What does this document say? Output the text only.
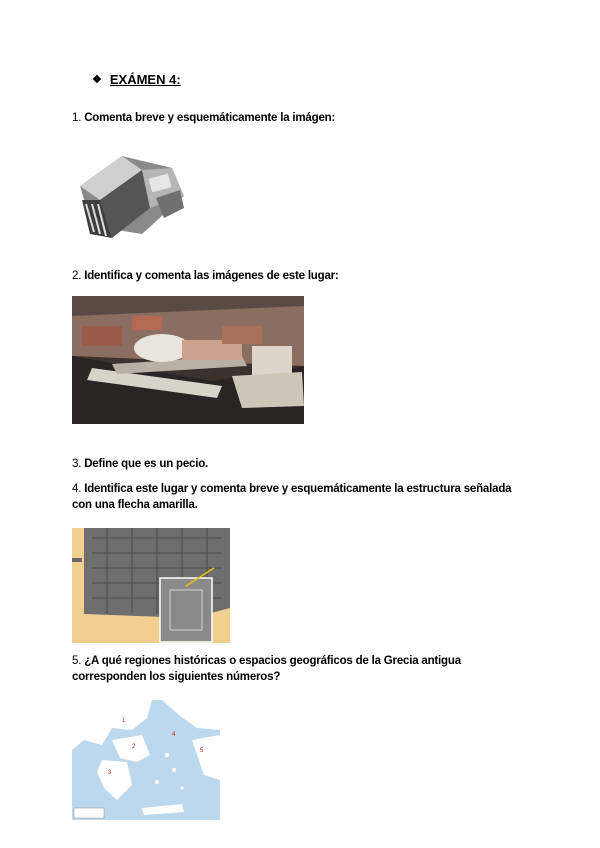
❖ EXÁMEN 4:
1. Comenta breve y esquemáticamente la imágen:
2. Identifica y comenta las imágenes de este lugar:
3. Define que es un pecio.
4. Identifica este lugar y comenta breve y esquemáticamente la estructura señalada con una flecha amarilla.
5. ¿A qué regiones históricas o espacios geográficos de la Grecia antigua corresponden los siguientes números?
1
2
3
4
5
